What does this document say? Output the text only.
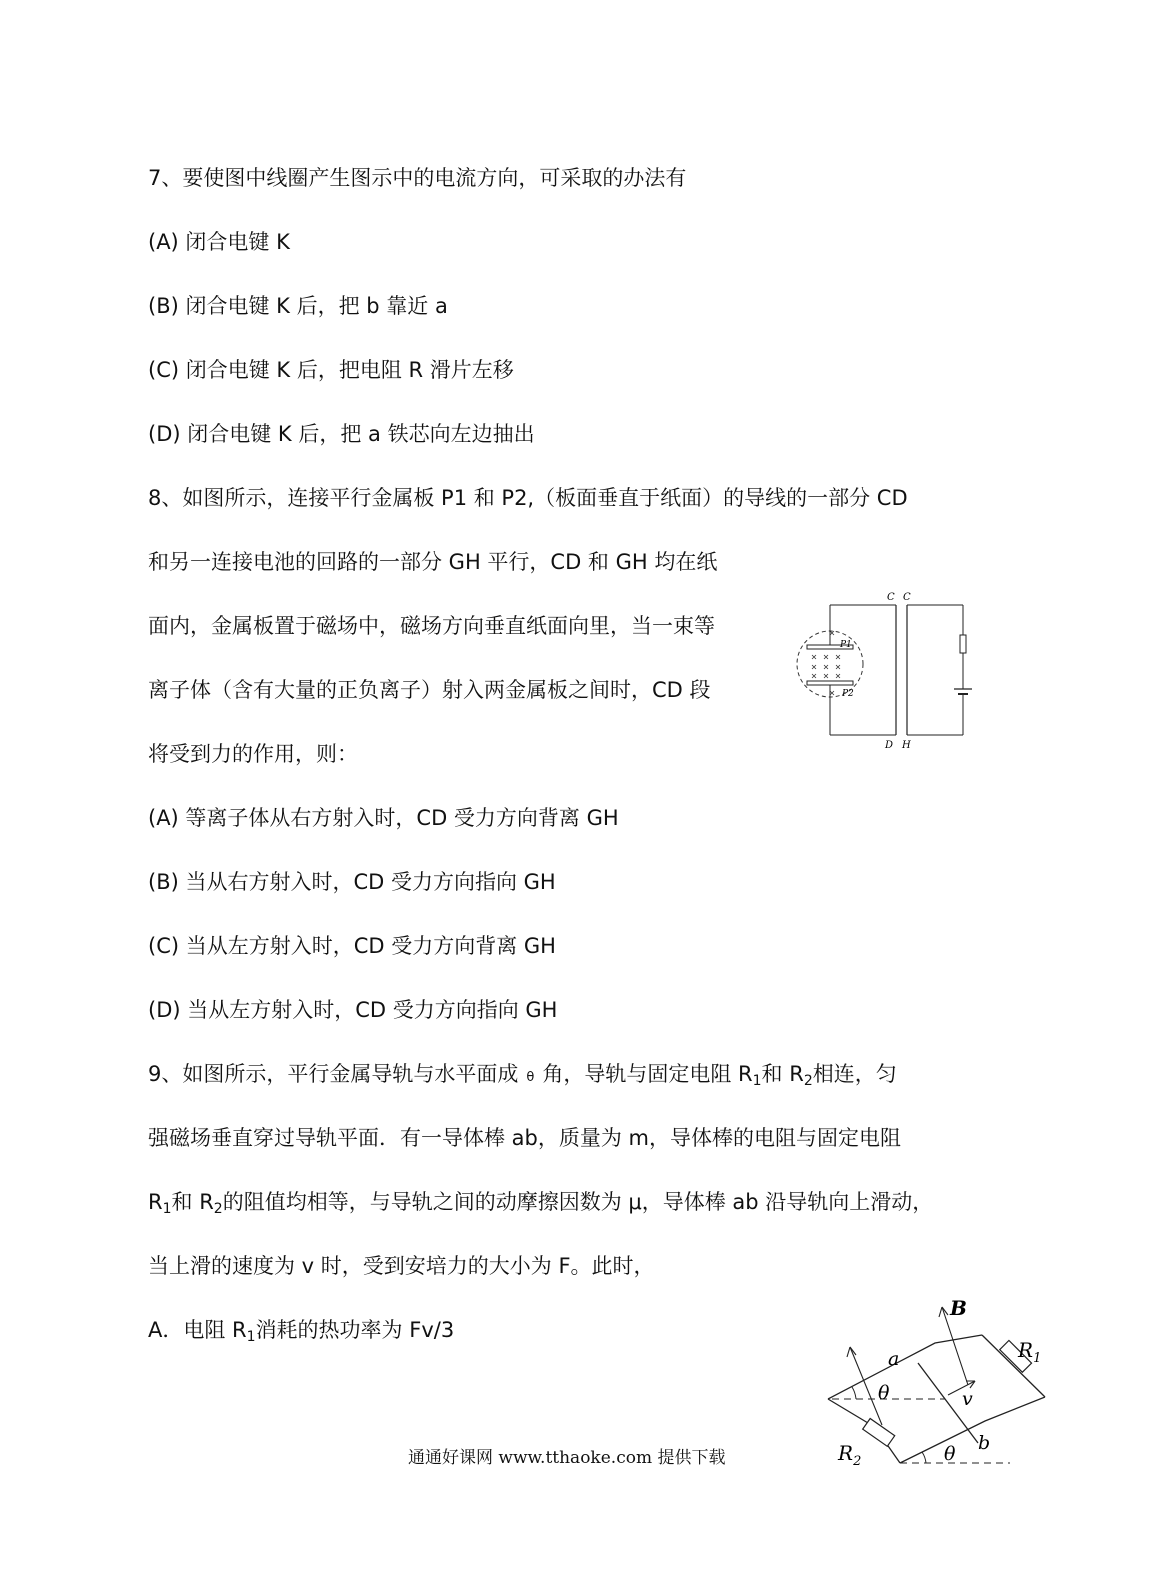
7、要使图中线圈产生图示中的电流方向，可采取的办法有
(A) 闭合电键 K
(B) 闭合电键 K 后，把 b 靠近 a
(C) 闭合电键 K 后，把电阻 R 滑片左移
(D) 闭合电键 K 后，把 a 铁芯向左边抽出
8、如图所示，连接平行金属板 P1 和 P2,（板面垂直于纸面）的导线的一部分 CD
和另一连接电池的回路的一部分 GH 平行，CD 和 GH 均在纸
面内，金属板置于磁场中，磁场方向垂直纸面向里，当一束等
离子体（含有大量的正负离子）射入两金属板之间时，CD 段
将受到力的作用，则：
C C
P1
P2
D H
(A) 等离子体从右方射入时，CD 受力方向背离 GH
(B) 当从右方射入时，CD 受力方向指向 GH
(C) 当从左方射入时，CD 受力方向背离 GH
(D) 当从左方射入时，CD 受力方向指向 GH
9、如图所示，平行金属导轨与水平面成 θ 角，导轨与固定电阻 $R_1$和 $R_2$相连，匀
强磁场垂直穿过导轨平面．有一导体棒 ab，质量为 m，导体棒的电阻与固定电阻
$R_1$和 $R_2$的阻值均相等，与导轨之间的动摩擦因数为 μ，导体棒 ab 沿导轨向上滑动，
当上滑的速度为 v 时，受到安培力的大小为 F。此时，
A．电阻 $R_1$消耗的热功率为 Fv/3
B
$R_1$
$R_2$
a
b
θ
θ
v
通通好课网 www.tthaoke.com 提供下载
